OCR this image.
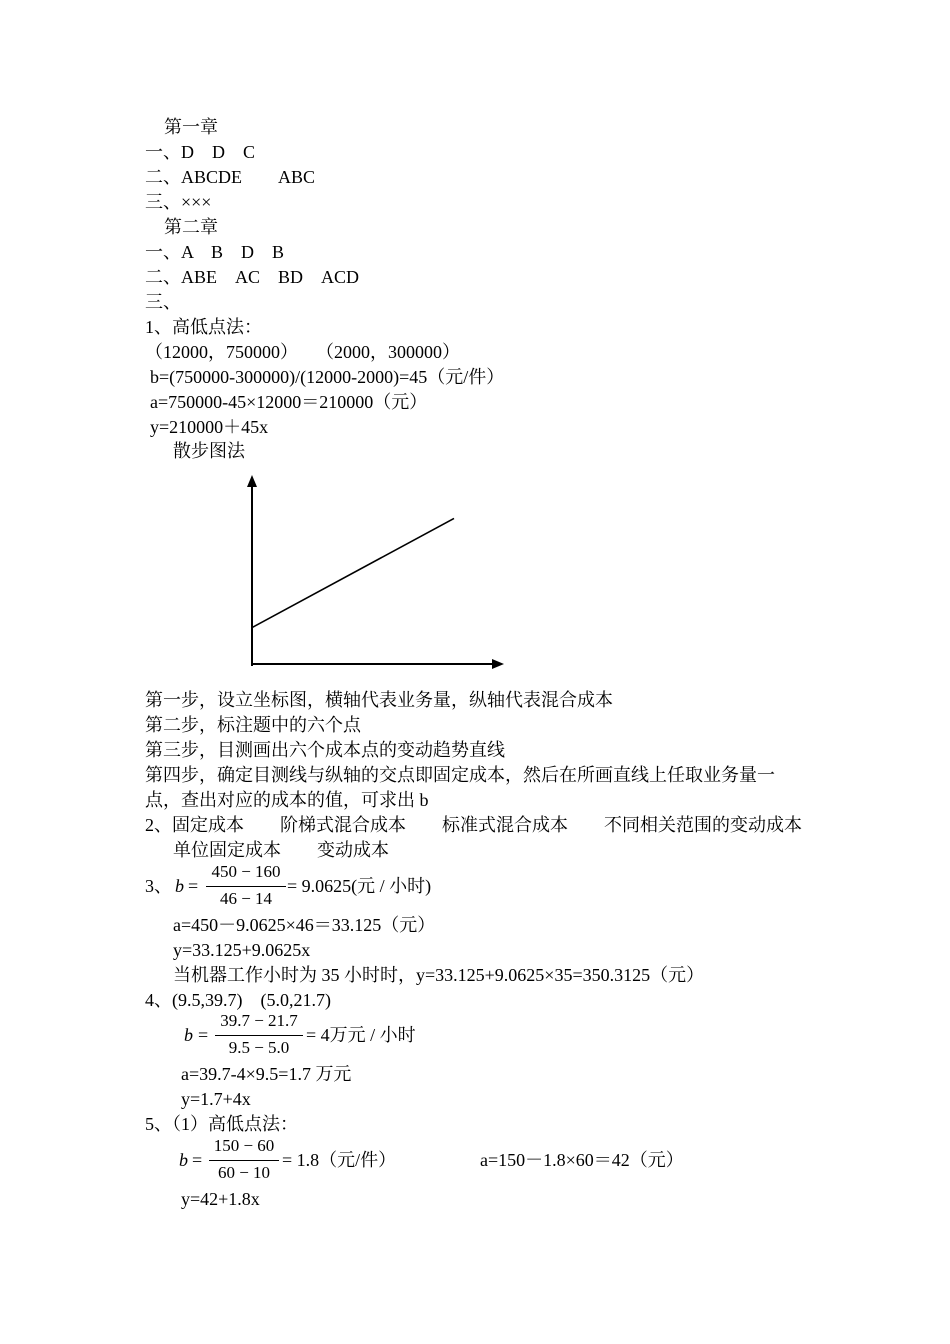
第一章
一、D　D　C
二、ABCDE　　ABC
三、×××
第二章
一、A　B　D　B
二、ABE　AC　BD　ACD
三、
1、高低点法：
（12000，750000）　　（2000，300000）
b=(750000-300000)/(12000-2000)=45（元/件）
a=750000-45×12000＝210000（元）
y=210000＋45x
散步图法
第一步，设立坐标图，横轴代表业务量，纵轴代表混合成本
第二步，标注题中的六个点
第三步，目测画出六个成本点的变动趋势直线
第四步，确定目测线与纵轴的交点即固定成本，然后在所画直线上任取业务量一
点，查出对应的成本的值，可求出 b
2、固定成本　　阶梯式混合成本　　标准式混合成本　　不同相关范围的变动成本
单位固定成本　　变动成本
3、 b =
450 − 160
46 − 14
= 9.0625(元 / 小时)
a=450－9.0625×46＝33.125（元）
y=33.125+9.0625x
当机器工作小时为 35 小时时，y=33.125+9.0625×35=350.3125（元）
4、(9.5,39.7)　(5.0,21.7)
b =
39.7 − 21.7
9.5 − 5.0
= 4万元 / 小时
a=39.7-4×9.5=1.7 万元
y=1.7+4x
5、（1）高低点法：
b =
150 − 60
60 − 10
= 1.8（元/件）	a=150－1.8×60＝42（元）
y=42+1.8x
